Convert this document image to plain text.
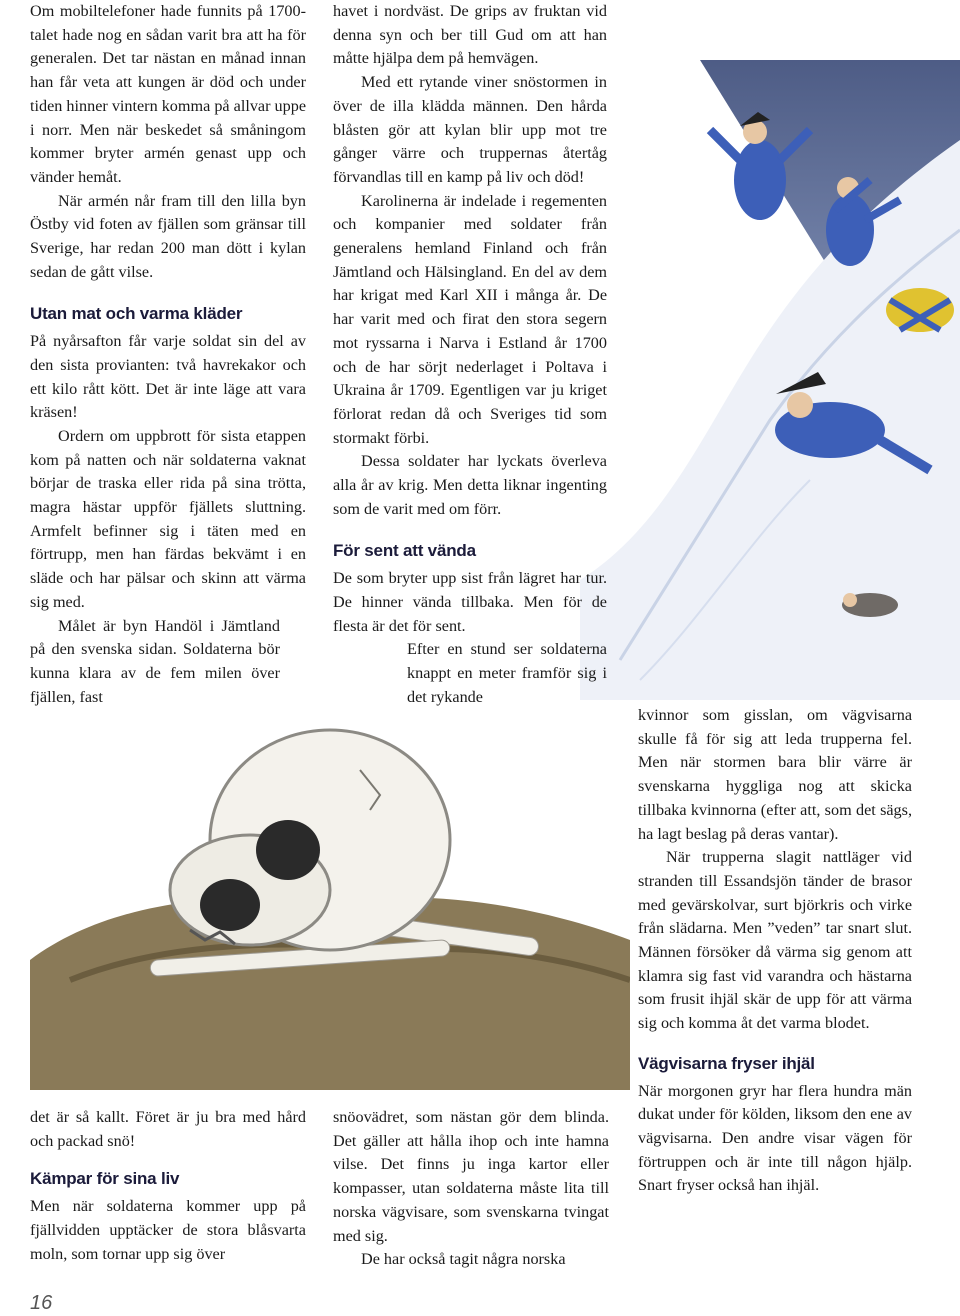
Om mobiltelefoner hade funnits på 1700-talet hade nog en sådan varit bra att ha för generalen. Det tar nästan en månad innan han får veta att kungen är död och under tiden hinner vintern komma på allvar uppe i norr. Men när beskedet så småningom kommer bryter armén genast upp och vänder hemåt.

När armén når fram till den lilla byn Östby vid foten av fjällen som gränsar till Sverige, har redan 200 man dött i kylan sedan de gått vilse.

Utan mat och varma kläder

På nyårsafton får varje soldat sin del av den sista provianten: två havrekakor och ett kilo rått kött. Det är inte läge att vara kräsen!

Ordern om uppbrott för sista etappen kom på natten och när soldaterna vaknat börjar de traska eller rida på sina trötta, magra hästar uppför fjällets sluttning. Armfelt befinner sig i täten med en förtrupp, men han färdas bekvämt i en släde och har pälsar och skinn att värma sig med.

Målet är byn Handöl i Jämtland på den svenska sidan. Soldaterna bör kunna klara av de fem milen över fjällen, fast

det är så kallt. Föret är ju bra med hård och packad snö!

Kämpar för sina liv

Men när soldaterna kommer upp på fjällvidden upptäcker de stora blåsvarta moln, som tornar upp sig över

havet i nordväst. De grips av fruktan vid denna syn och ber till Gud om att han måtte hjälpa dem på hemvägen.

Med ett rytande viner snöstormen in över de illa klädda männen. Den hårda blåsten gör att kylan blir upp mot tre gånger värre och truppernas återtåg förvandlas till en kamp på liv och död!

Karolinerna är indelade i regementen och kompanier med soldater från generalens hemland Finland och från Jämtland och Hälsingland. En del av dem har krigat med Karl XII i många år. De har varit med och firat den stora segern mot ryssarna i Narva i Estland år 1700 och de har sörjt nederlaget i Poltava i Ukraina år 1709. Egentligen var ju kriget förlorat redan då och Sveriges tid som stormakt förbi.

Dessa soldater har lyckats överleva alla år av krig. Men detta liknar ingenting som de varit med om förr.

För sent att vända

De som bryter upp sist från lägret har tur. De hinner vända tillbaka. Men för de flesta är det för sent.

Efter en stund ser soldaterna knappt en meter framför sig i det rykande

snöovädret, som nästan gör dem blinda. Det gäller att hålla ihop och inte hamna vilse. Det finns ju inga kartor eller kompasser, utan soldaterna måste lita till norska vägvisare, som svenskarna tvingat med sig.

De har också tagit några norska

kvinnor som gisslan, om vägvisarna skulle få för sig att leda trupperna fel. Men när stormen bara blir värre är svenskarna hyggliga nog att skicka tillbaka kvinnorna (efter att, som det sägs, ha lagt beslag på deras vantar).

När trupperna slagit nattläger vid stranden till Essandsjön tänder de brasor med gevärskolvar, surt björkris och virke från slädarna. Men ”veden” tar snart slut. Männen försöker då värma sig genom att klamra sig fast vid varandra och hästarna som frusit ihjäl skär de upp för att värma sig och komma åt det varma blodet.

Vägvisarna fryser ihjäl

När morgonen gryr har flera hundra män dukat under för kölden, liksom den ene av vägvisarna. Den andre visar vägen för förtruppen och är inte till någon hjälp. Snart fryser också han ihjäl.

16
